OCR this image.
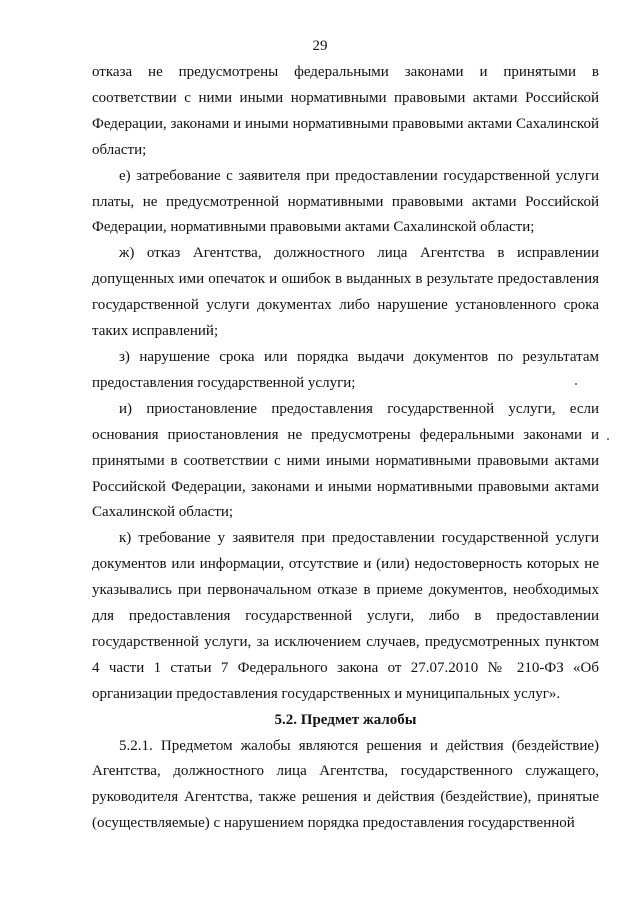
29

отказа не предусмотрены федеральными законами и принятыми в соответствии с ними иными нормативными правовыми актами Российской Федерации, законами и иными нормативными правовыми актами Сахалинской области;

е) затребование с заявителя при предоставлении государственной услуги платы, не предусмотренной нормативными правовыми актами Российской Федерации, нормативными правовыми актами Сахалинской области;

ж) отказ Агентства, должностного лица Агентства в исправлении допущенных ими опечаток и ошибок в выданных в результате предоставления государственной услуги документах либо нарушение установленного срока таких исправлений;

з) нарушение срока или порядка выдачи документов по результатам предоставления государственной услуги;

и) приостановление предоставления государственной услуги, если основания приостановления не предусмотрены федеральными законами и принятыми в соответствии с ними иными нормативными правовыми актами Российской Федерации, законами и иными нормативными правовыми актами Сахалинской области;

к) требование у заявителя при предоставлении государственной услуги документов или информации, отсутствие и (или) недостоверность которых не указывались при первоначальном отказе в приеме документов, необходимых для предоставления государственной услуги, либо в предоставлении государственной услуги, за исключением случаев, предусмотренных пунктом 4 части 1 статьи 7 Федерального закона от 27.07.2010 № 210-ФЗ «Об организации предоставления государственных и муниципальных услуг».

5.2. Предмет жалобы

5.2.1. Предметом жалобы являются решения и действия (бездействие) Агентства, должностного лица Агентства, государственного служащего, руководителя Агентства, также решения и действия (бездействие), принятые (осуществляемые) с нарушением порядка предоставления государственной
